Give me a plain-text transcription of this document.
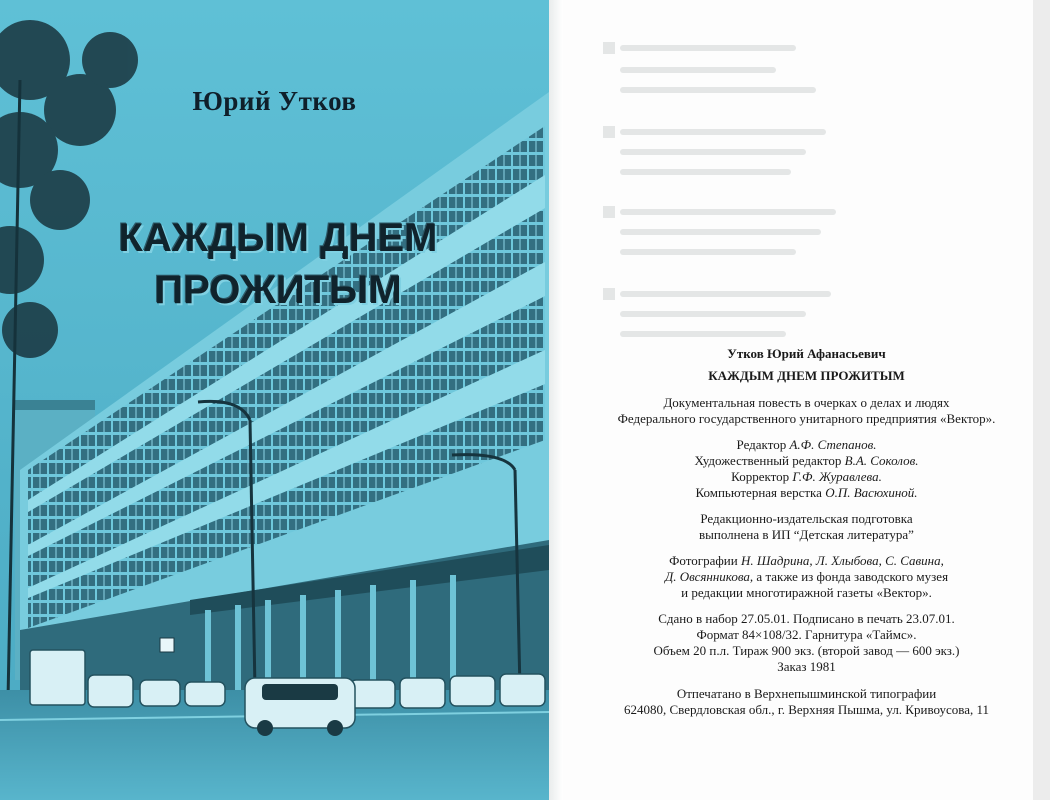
Юрий Утков
КАЖДЫМ ДНЕМ
ПРОЖИТЫМ
Утков Юрий Афанасьевич
КАЖДЫМ ДНЕМ ПРОЖИТЫМ
Документальная повесть в очерках о делах и людях
Федерального государственного унитарного предприятия «Вектор».
Редактор А.Ф. Степанов.
Художественный редактор В.А. Соколов.
Корректор Г.Ф. Журавлева.
Компьютерная верстка О.П. Васюхиной.
Редакционно-издательская подготовка
выполнена в ИП “Детская литература”
Фотографии Н. Шадрина, Л. Хлыбова, С. Савина,
Д. Овсянникова, а также из фонда заводского музея
и редакции многотиражной газеты «Вектор».
Сдано в набор 27.05.01. Подписано в печать 23.07.01.
Формат 84×108/32. Гарнитура «Таймс».
Объем 20 п.л. Тираж 900 экз. (второй завод — 600 экз.)
Заказ 1981
Отпечатано в Верхнепышминской типографии
624080, Свердловская обл., г. Верхняя Пышма, ул. Кривоусова, 11
